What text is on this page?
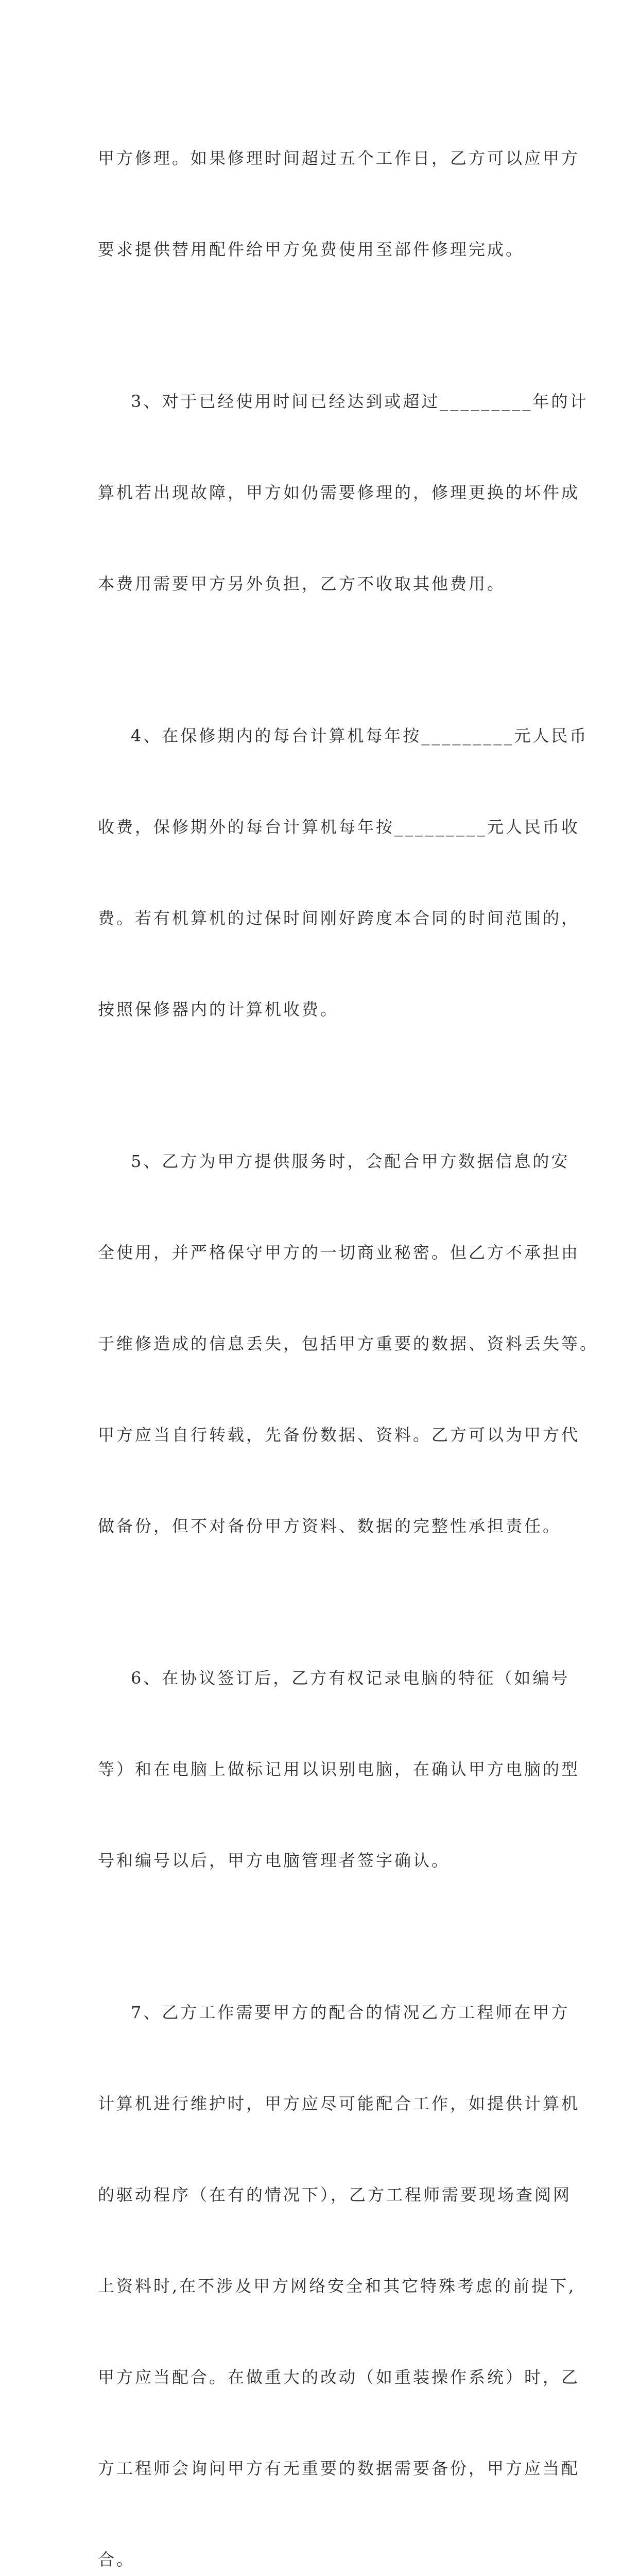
甲方修理。如果修理时间超过五个工作日，乙方可以应甲方

要求提供替用配件给甲方免费使用至部件修理完成。

3、对于已经使用时间已经达到或超过_________年的计

算机若出现故障，甲方如仍需要修理的，修理更换的坏件成

本费用需要甲方另外负担，乙方不收取其他费用。

4、在保修期内的每台计算机每年按_________元人民币

收费，保修期外的每台计算机每年按_________元人民币收

费。若有机算机的过保时间刚好跨度本合同的时间范围的，

按照保修器内的计算机收费。

5、乙方为甲方提供服务时，会配合甲方数据信息的安

全使用，并严格保守甲方的一切商业秘密。但乙方不承担由

于维修造成的信息丢失，包括甲方重要的数据、资料丢失等。

甲方应当自行转载，先备份数据、资料。乙方可以为甲方代

做备份，但不对备份甲方资料、数据的完整性承担责任。

6、在协议签订后，乙方有权记录电脑的特征（如编号

等）和在电脑上做标记用以识别电脑，在确认甲方电脑的型

号和编号以后，甲方电脑管理者签字确认。

7、乙方工作需要甲方的配合的情况乙方工程师在甲方

计算机进行维护时，甲方应尽可能配合工作，如提供计算机

的驱动程序（在有的情况下），乙方工程师需要现场查阅网

上资料时,在不涉及甲方网络安全和其它特殊考虑的前提下,

甲方应当配合。在做重大的改动（如重装操作系统）时，乙

方工程师会询问甲方有无重要的数据需要备份，甲方应当配

合。
